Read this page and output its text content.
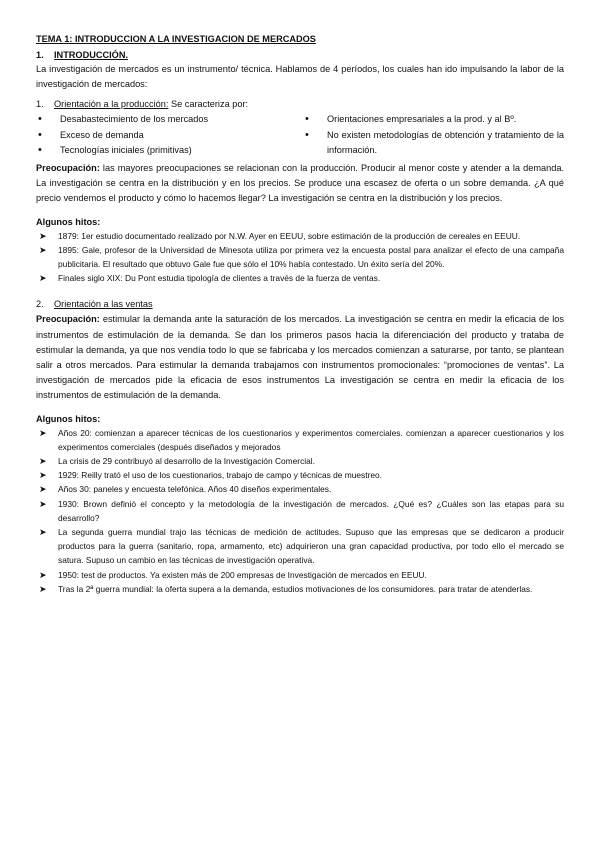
TEMA 1: INTRODUCCION A LA INVESTIGACION DE MERCADOS
1. INTRODUCCIÓN.

La investigación de mercados es un instrumento/ técnica. Hablamos de 4 períodos, los cuales han ido impulsando la labor de la investigación de mercados:

1. Orientación a la producción: Se caracteriza por:
• Desabastecimiento de los mercados
• Exceso de demanda
• Tecnologías iniciales (primitivas)
• Orientaciones empresariales a la prod. y al Bº.
• No existen metodologías de obtención y tratamiento de la información.

Preocupación: las mayores preocupaciones se relacionan con la producción. Producir al menor coste y atender a la demanda. La investigación se centra en la distribución y en los precios. Se produce una escasez de oferta o un sobre demanda. ¿A qué precio vendemos el producto y cómo lo hacemos llegar? La investigación se centra en la distribución y los precios.

Algunos hitos:
➤ 1879: 1er estudio documentado realizado por N.W. Ayer en EEUU, sobre estimación de la producción de cereales en EEUU.
➤ 1895: Gale, profesor de la Universidad de Minesota utiliza por primera vez la encuesta postal para analizar el efecto de una campaña publicitaria. El resultado que obtuvo Gale fue que sólo el 10% había contestado. Un éxito sería del 20%.
➤ Finales siglo XIX: Du Pont estudia tipología de clientes a través de la fuerza de ventas.
2. Orientación a las ventas

Preocupación: estimular la demanda ante la saturación de los mercados. La investigación se centra en medir la eficacia de los instrumentos de estimulación de la demanda. Se dan los primeros pasos hacia la diferenciación del producto y trataba de estimular la demanda, ya que nos vendía todo lo que se fabricaba y los mercados comienzan a saturarse, por tanto, se plantean salir a otros mercados. Para estimular la demanda trabajamos con instrumentos promocionales: “promociones de ventas”. La investigación de mercados pide la eficacia de esos instrumentos La investigación se centra en medir la eficacia de los instrumentos de estimulación de la demanda.

Algunos hitos:
➤ Años 20: comienzan a aparecer técnicas de los cuestionarios y experimentos comerciales. comienzan a aparecer cuestionarios y los experimentos comerciales (después diseñados y mejorados
➤ La crisis de 29 contribuyó al desarrollo de la Investigación Comercial.
➤ 1929: Reilly trató el uso de los cuestionarios, trabajo de campo y técnicas de muestreo.
➤ Años 30: paneles y encuesta telefónica. Años 40 diseños experimentales.
➤ 1930: Brown definió el concepto y la metodología de la investigación de mercados. ¿Qué es? ¿Cuáles son las etapas para su desarrollo?
➤ La segunda guerra mundial trajo las técnicas de medición de actitudes. Supuso que las empresas que se dedicaron a producir productos para la guerra (sanitario, ropa, armamento, etc) adquirieron una gran capacidad productiva, por todo ello el mercado se satura. Supuso un cambio en las técnicas de investigación operativa.
➤ 1950: test de productos. Ya existen más de 200 empresas de Investigación de mercados en EEUU.
➤ Tras la 2ª guerra mundial: la oferta supera a la demanda, estudios motivaciones de los consumidores. para tratar de atenderlas.
